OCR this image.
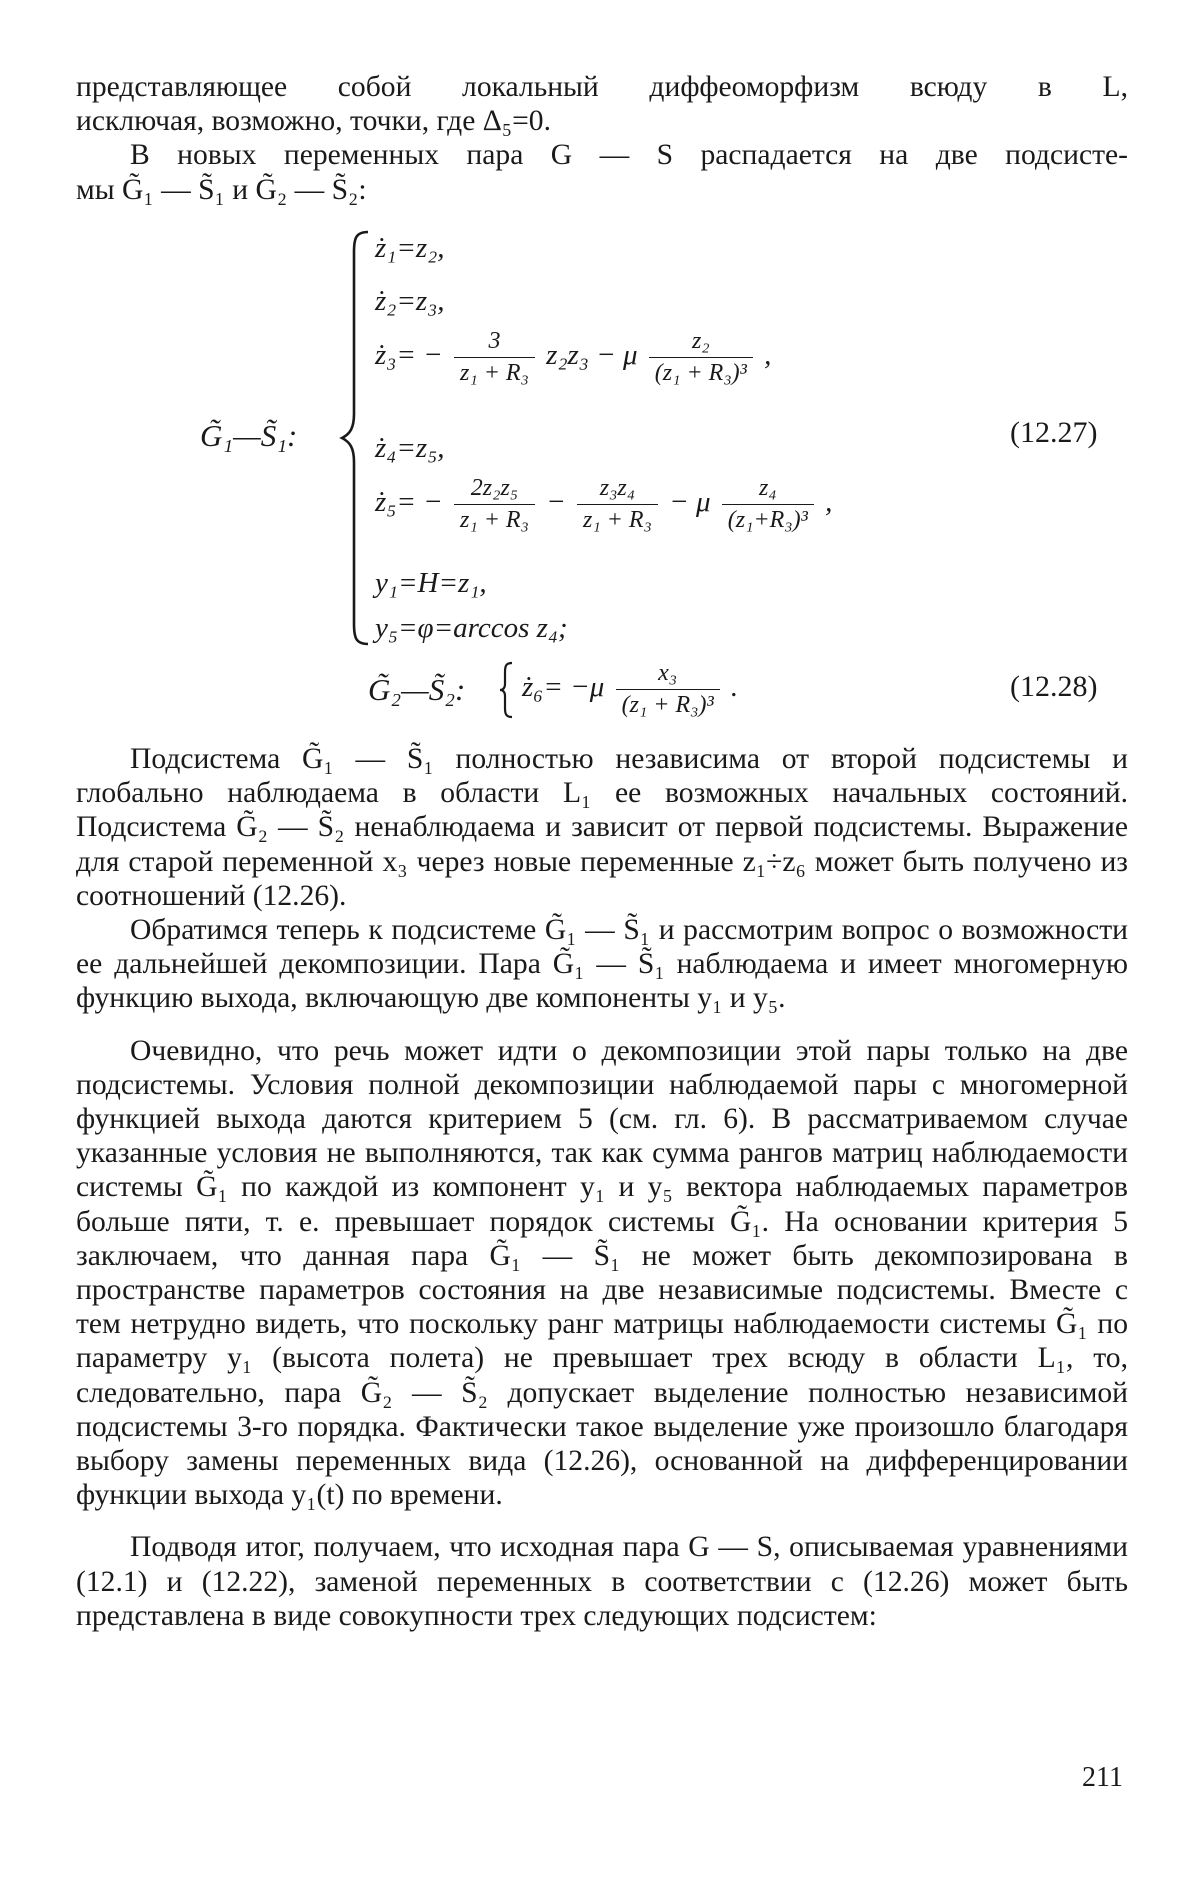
представляющее собой локальный диффеоморфизм всюду в L,

исключая, возможно, точки, где Δ₅=0.

В новых переменных пара G — S распадается на две подсисте-

мы G̃₁ — S̃₁ и G̃₂ — S̃₂:

G̃₁—S̃₁:
ż₁=z₂,
ż₂=z₃,
ż₃= − $\frac{3}{\text{z₁ + R₃}} z_2z_3 - \mu \frac{\text{z₂}}{\text{(z₁ + R₃)³}}$ ,
ż₄=z₅,
ż₅= − $\frac{\text{2z₂z₅}}{\text{z₁ + R₃}} - \frac{\text{z₃z₄}}{\text{z₁ + R₃}} - \mu \frac{\text{z₄}}{\text{(z₁+R₃)³}}$ ,
y₁=H=z₁,
y₅=φ=arccos z₄;
(12.27)
G̃₂—S̃₂: ż₆= $-\mu \frac{\text{x₃}}{\text{(z₁ + R₃)³}}$ .	(12.28)

Подсистема G̃₁ — S̃₁ полностью независима от второй подсистемы и глобально наблюдаема в области L₁ ее возможных начальных состояний. Подсистема G̃₂ — S̃₂ ненаблюдаема и зависит от первой подсистемы. Выражение для старой переменной x₃ через новые переменные z₁÷z₆ может быть получено из соотношений (12.26).

Обратимся теперь к подсистеме G̃₁ — S̃₁ и рассмотрим вопрос о возможности ее дальнейшей декомпозиции. Пара G̃₁ — S̃₁ наблюдаема и имеет многомерную функцию выхода, включающую две компоненты y₁ и y₅.

Очевидно, что речь может идти о декомпозиции этой пары только на две подсистемы. Условия полной декомпозиции наблюдаемой пары с многомерной функцией выхода даются критерием 5 (см. гл. 6). В рассматриваемом случае указанные условия не выполняются, так как сумма рангов матриц наблюдаемости системы G̃₁ по каждой из компонент y₁ и y₅ вектора наблюдаемых параметров больше пяти, т. е. превышает порядок системы G̃₁. На основании критерия 5 заключаем, что данная пара G̃₁ — S̃₁ не может быть декомпозирована в пространстве параметров состояния на две независимые подсистемы. Вместе с тем нетрудно видеть, что поскольку ранг матрицы наблюдаемости системы G̃₁ по параметру y₁ (высота полета) не превышает трех всюду в области L₁, то, следовательно, пара G̃₂ — S̃₂ допускает выделение полностью независимой подсистемы 3-го порядка. Фактически такое выделение уже произошло благодаря выбору замены переменных вида (12.26), основанной на дифференцировании функции выхода y₁(t) по времени.

Подводя итог, получаем, что исходная пара G — S, описываемая уравнениями (12.1) и (12.22), заменой переменных в соответствии с (12.26) может быть представлена в виде совокупности трех следующих подсистем:

211
